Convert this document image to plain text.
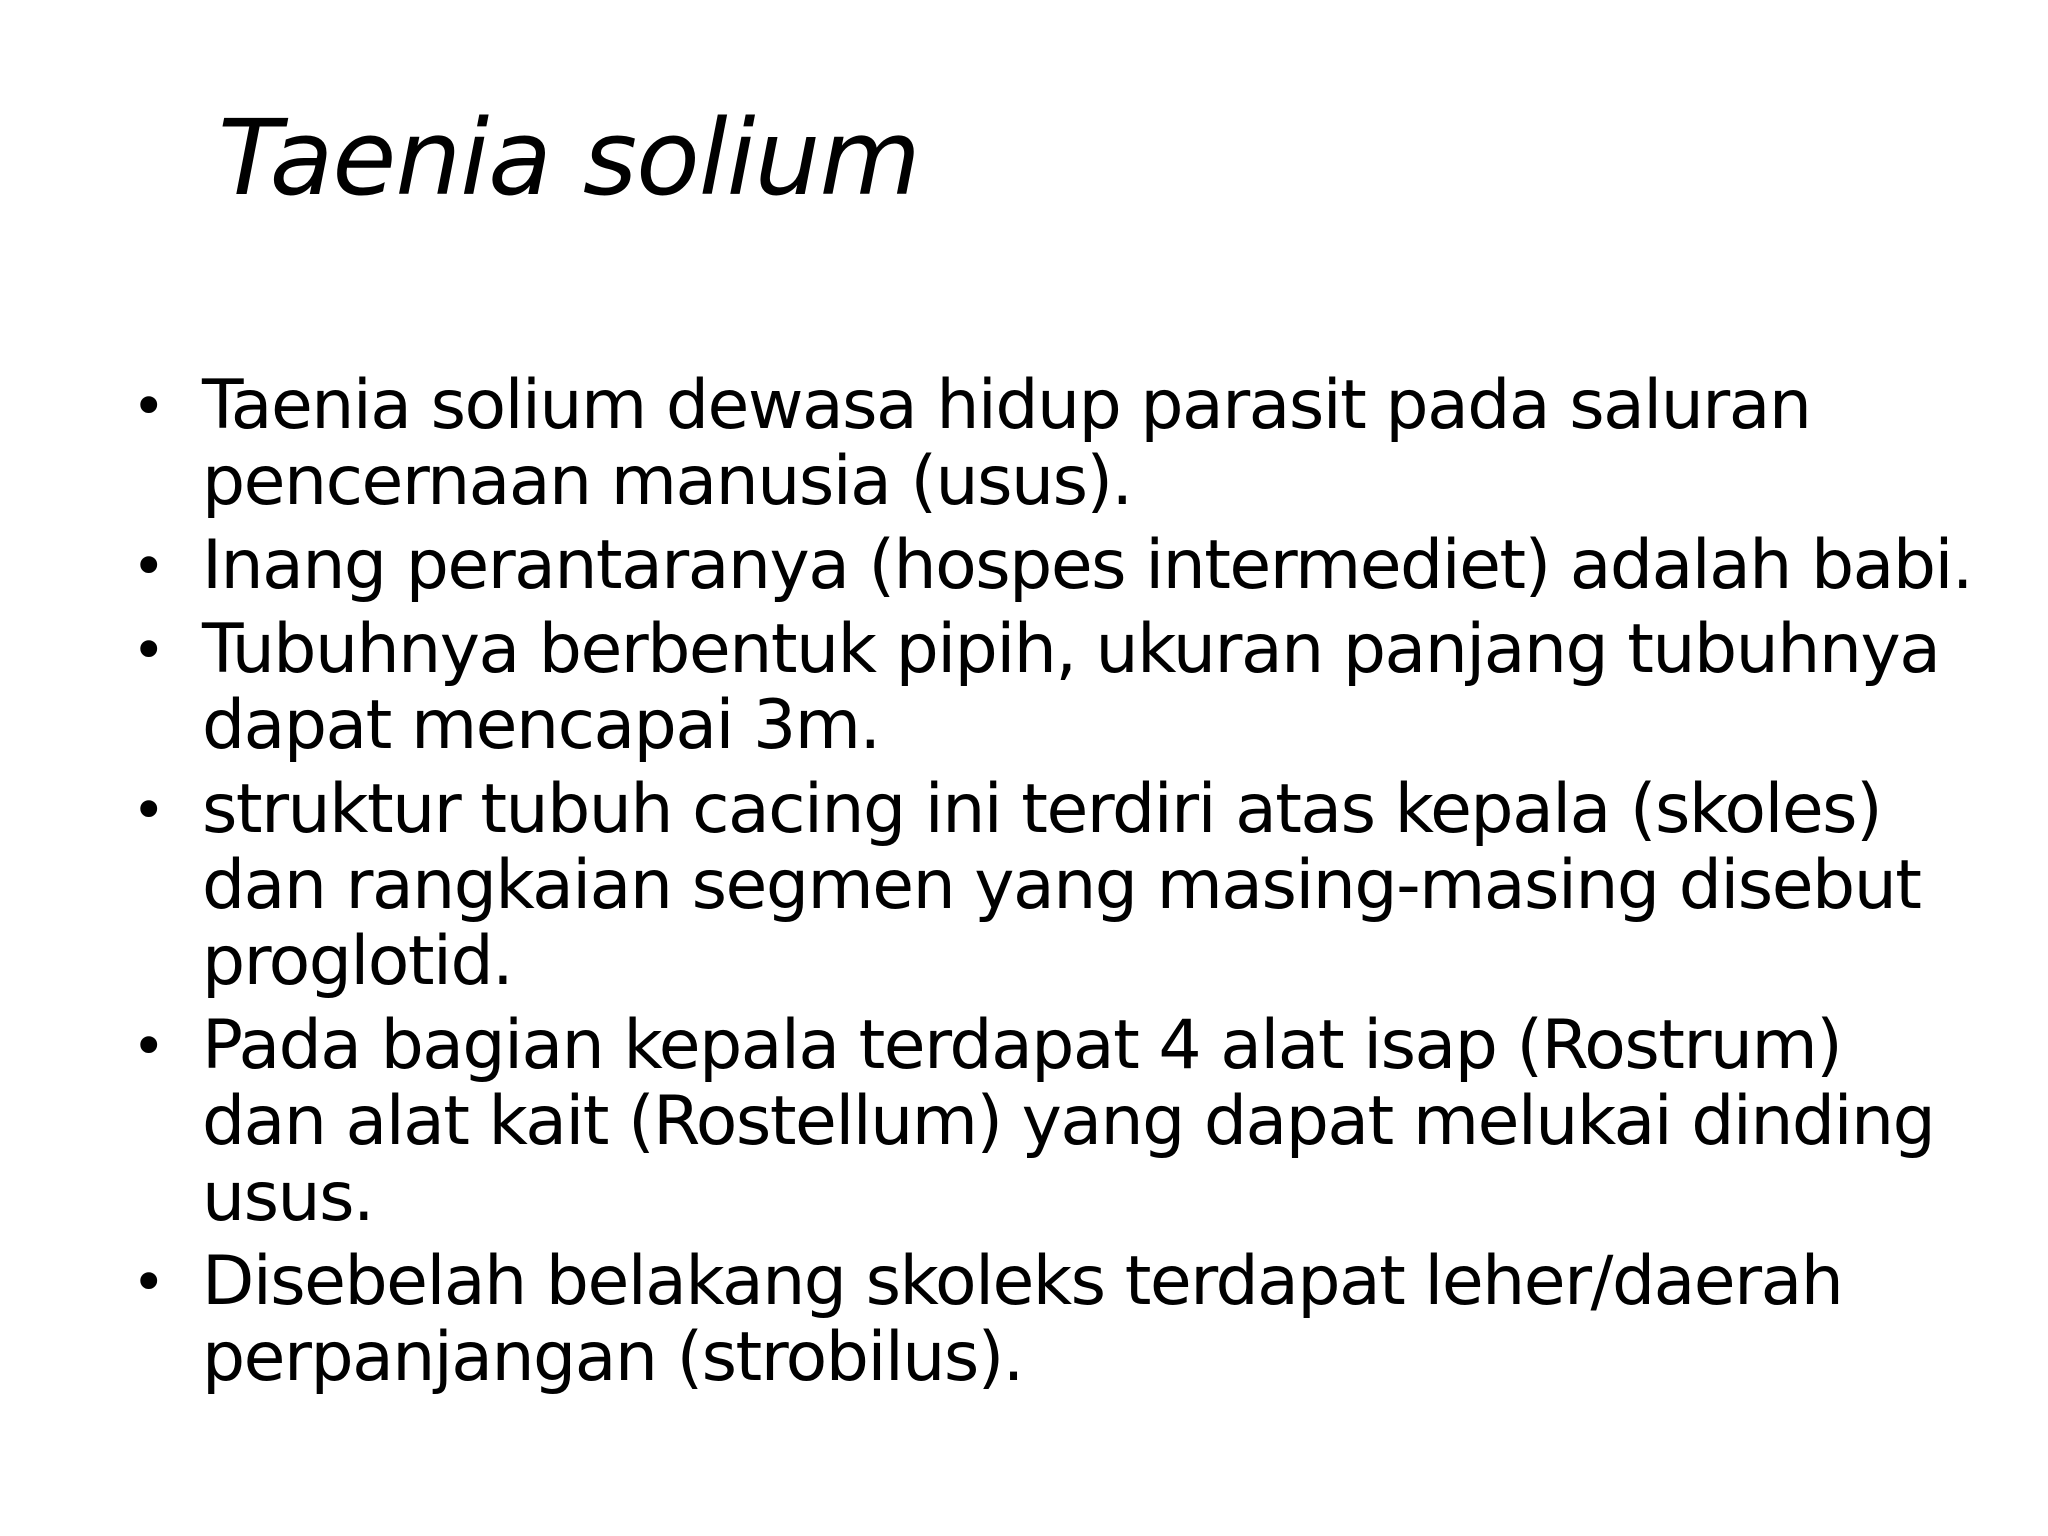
Taenia solium
• Taenia solium dewasa hidup parasit pada saluran pencernaan manusia (usus).
• Inang perantaranya (hospes intermediet) adalah babi.
• Tubuhnya berbentuk pipih, ukuran panjang tubuhnya dapat mencapai 3m.
• struktur tubuh cacing ini terdiri atas kepala (skoles) dan rangkaian segmen yang masing-masing disebut proglotid.
• Pada bagian kepala terdapat 4 alat isap (Rostrum) dan alat kait (Rostellum) yang dapat melukai dinding usus.
• Disebelah belakang skoleks terdapat leher/daerah perpanjangan (strobilus).
